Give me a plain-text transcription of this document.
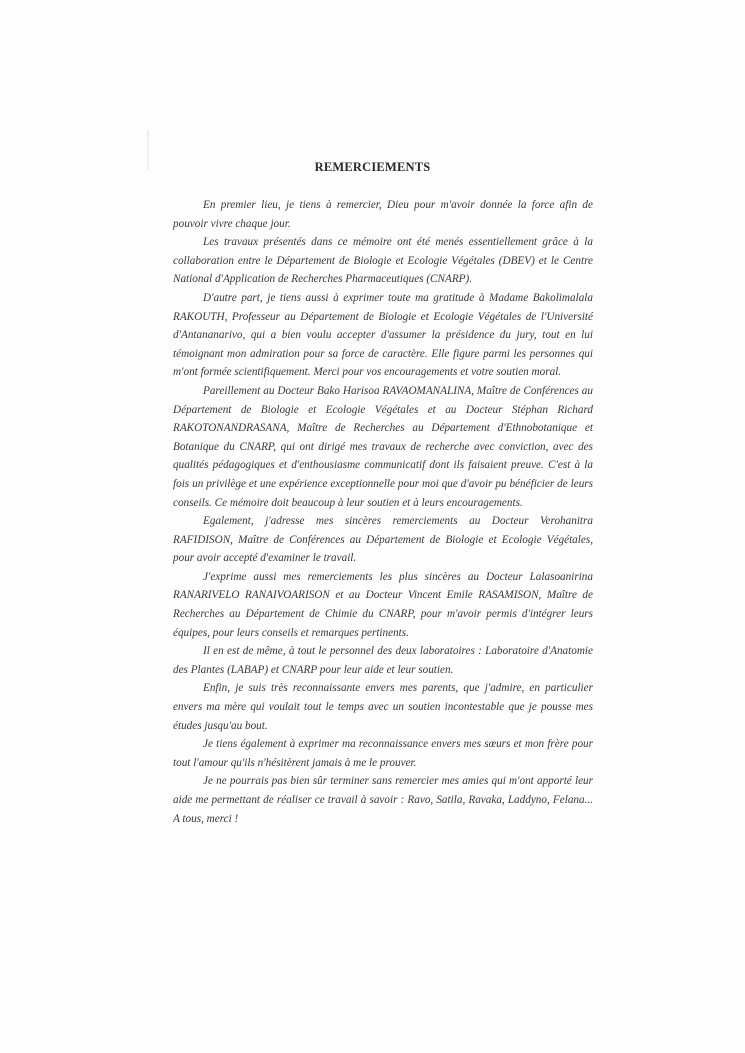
REMERCIEMENTS

En premier lieu, je tiens à remercier, Dieu pour m'avoir donnée la force afin de pouvoir vivre chaque jour.

Les travaux présentés dans ce mémoire ont été menés essentiellement grâce à la collaboration entre le Département de Biologie et Ecologie Végétales (DBEV) et le Centre National d'Application de Recherches Pharmaceutiques (CNARP).

D'autre part, je tiens aussi à exprimer toute ma gratitude à Madame Bakolimalala RAKOUTH, Professeur au Département de Biologie et Ecologie Végétales de l'Université d'Antananarivo, qui a bien voulu accepter d'assumer la présidence du jury, tout en lui témoignant mon admiration pour sa force de caractère. Elle figure parmi les personnes qui m'ont formée scientifiquement. Merci pour vos encouragements et votre soutien moral.

Pareillement au Docteur Bako Harisoa RAVAOMANALINA, Maître de Conférences au Département de Biologie et Ecologie Végétales et au Docteur Stéphan Richard RAKOTONANDRASANA, Maître de Recherches au Département d'Ethnobotanique et Botanique du CNARP, qui ont dirigé mes travaux de recherche avec conviction, avec des qualités pédagogiques et d'enthousiasme communicatif dont ils faisaient preuve. C'est à la fois un privilège et une expérience exceptionnelle pour moi que d'avoir pu bénéficier de leurs conseils. Ce mémoire doit beaucoup à leur soutien et à leurs encouragements.

Egalement, j'adresse mes sincères remerciements au Docteur Verohanitra RAFIDISON, Maître de Conférences au Département de Biologie et Ecologie Végétales, pour avoir accepté d'examiner le travail.

J'exprime aussi mes remerciements les plus sincères au Docteur Lalasoanirina RANARIVELO RANAIVOARISON et au Docteur Vincent Emile RASAMISON, Maître de Recherches au Département de Chimie du CNARP, pour m'avoir permis d'intégrer leurs équipes, pour leurs conseils et remarques pertinents.

Il en est de même, à tout le personnel des deux laboratoires : Laboratoire d'Anatomie des Plantes (LABAP) et CNARP pour leur aide et leur soutien.

Enfin, je suis très reconnaissante envers mes parents, que j'admire, en particulier envers ma mère qui voulait tout le temps avec un soutien incontestable que je pousse mes études jusqu'au bout.

Je tiens également à exprimer ma reconnaissance envers mes sœurs et mon frère pour tout l'amour qu'ils n'hésitèrent jamais à me le prouver.

Je ne pourrais pas bien sûr terminer sans remercier mes amies qui m'ont apporté leur aide me permettant de réaliser ce travail à savoir : Ravo, Satila, Ravaka, Laddyno, Felana... A tous, merci !
